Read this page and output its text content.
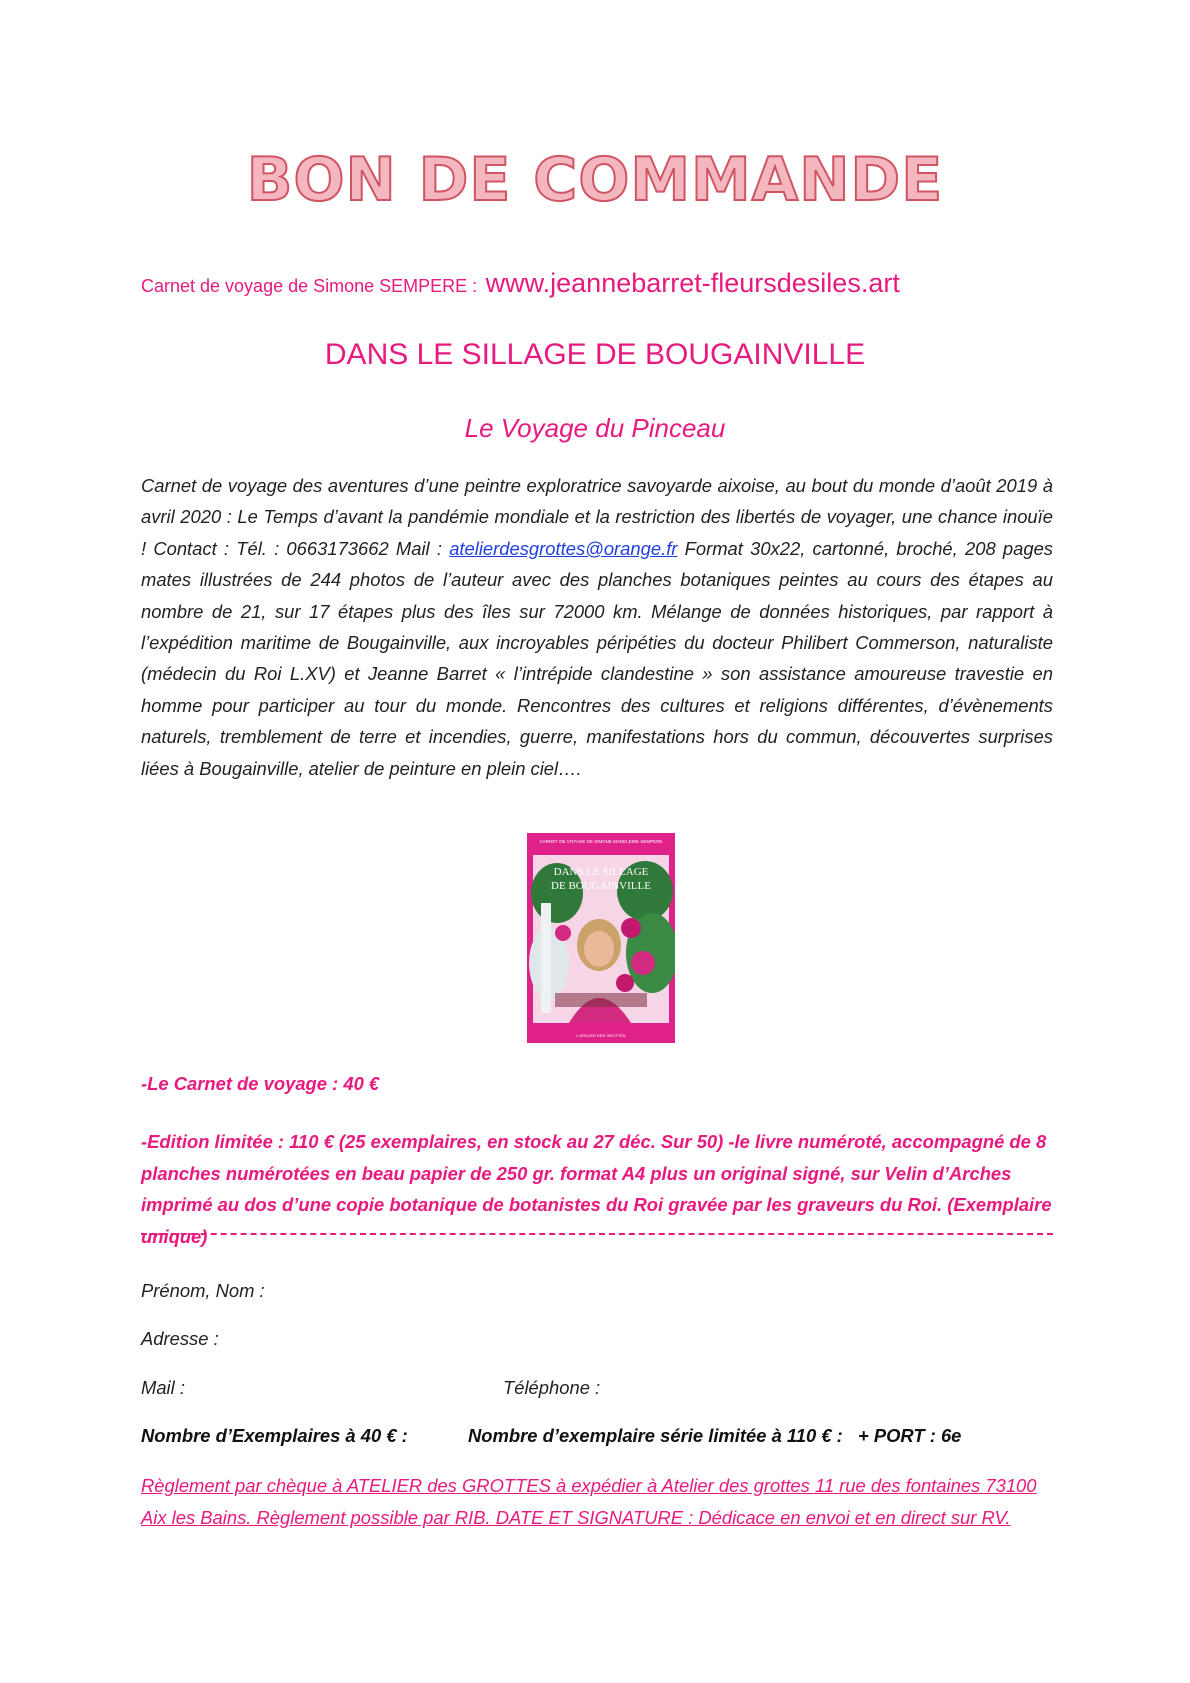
BON DE COMMANDE
Carnet de voyage de Simone SEMPERE : www.jeannebarret-fleursdesiles.art
DANS LE SILLAGE DE BOUGAINVILLE
Le Voyage du Pinceau
Carnet de voyage des aventures d’une peintre exploratrice savoyarde aixoise, au bout du monde d’août 2019 à avril 2020 : Le Temps d’avant la pandémie mondiale et la restriction des libertés de voyager, une chance inouïe ! Contact : Tél. : 0663173662 Mail : atelierdesgrottes@orange.fr Format 30x22, cartonné, broché, 208 pages mates illustrées de 244 photos de l’auteur avec des planches botaniques peintes au cours des étapes au nombre de 21, sur 17 étapes plus des îles sur 72000 km. Mélange de données historiques, par rapport à l’expédition maritime de Bougainville, aux incroyables péripéties du docteur Philibert Commerson, naturaliste (médecin du Roi L.XV) et Jeanne Barret « l’intrépide clandestine » son assistance amoureuse travestie en homme pour participer au tour du monde. Rencontres des cultures et religions différentes, d’évènements naturels, tremblement de terre et incendies, guerre, manifestations hors du commun, découvertes surprises liées à Bougainville, atelier de peinture en plein ciel….
CARNET DE VOYAGE DE SIMONE MADELEINE SEMPERE
DANS LE SILLAGE
DE BOUGAINVILLE
L'ATELIER DES GROTTES
-Le Carnet de voyage : 40 €
-Edition limitée : 110 € (25 exemplaires, en stock au 27 déc. Sur 50) -le livre numéroté, accompagné de 8 planches numérotées en beau papier de 250 gr. format A4 plus un original signé, sur Velin d’Arches imprimé au dos d’une copie botanique de botanistes du Roi gravée par les graveurs du Roi. (Exemplaire unique)
Prénom, Nom :
Adresse :
Mail :	Téléphone :
Nombre d’Exemplaires à 40 € :	Nombre d’exemplaire série limitée à 110 € : + PORT : 6e
Règlement par chèque à ATELIER des GROTTES à expédier à Atelier des grottes 11 rue des fontaines 73100 Aix les Bains. Règlement possible par RIB. DATE ET SIGNATURE : Dédicace en envoi et en direct sur RV.
